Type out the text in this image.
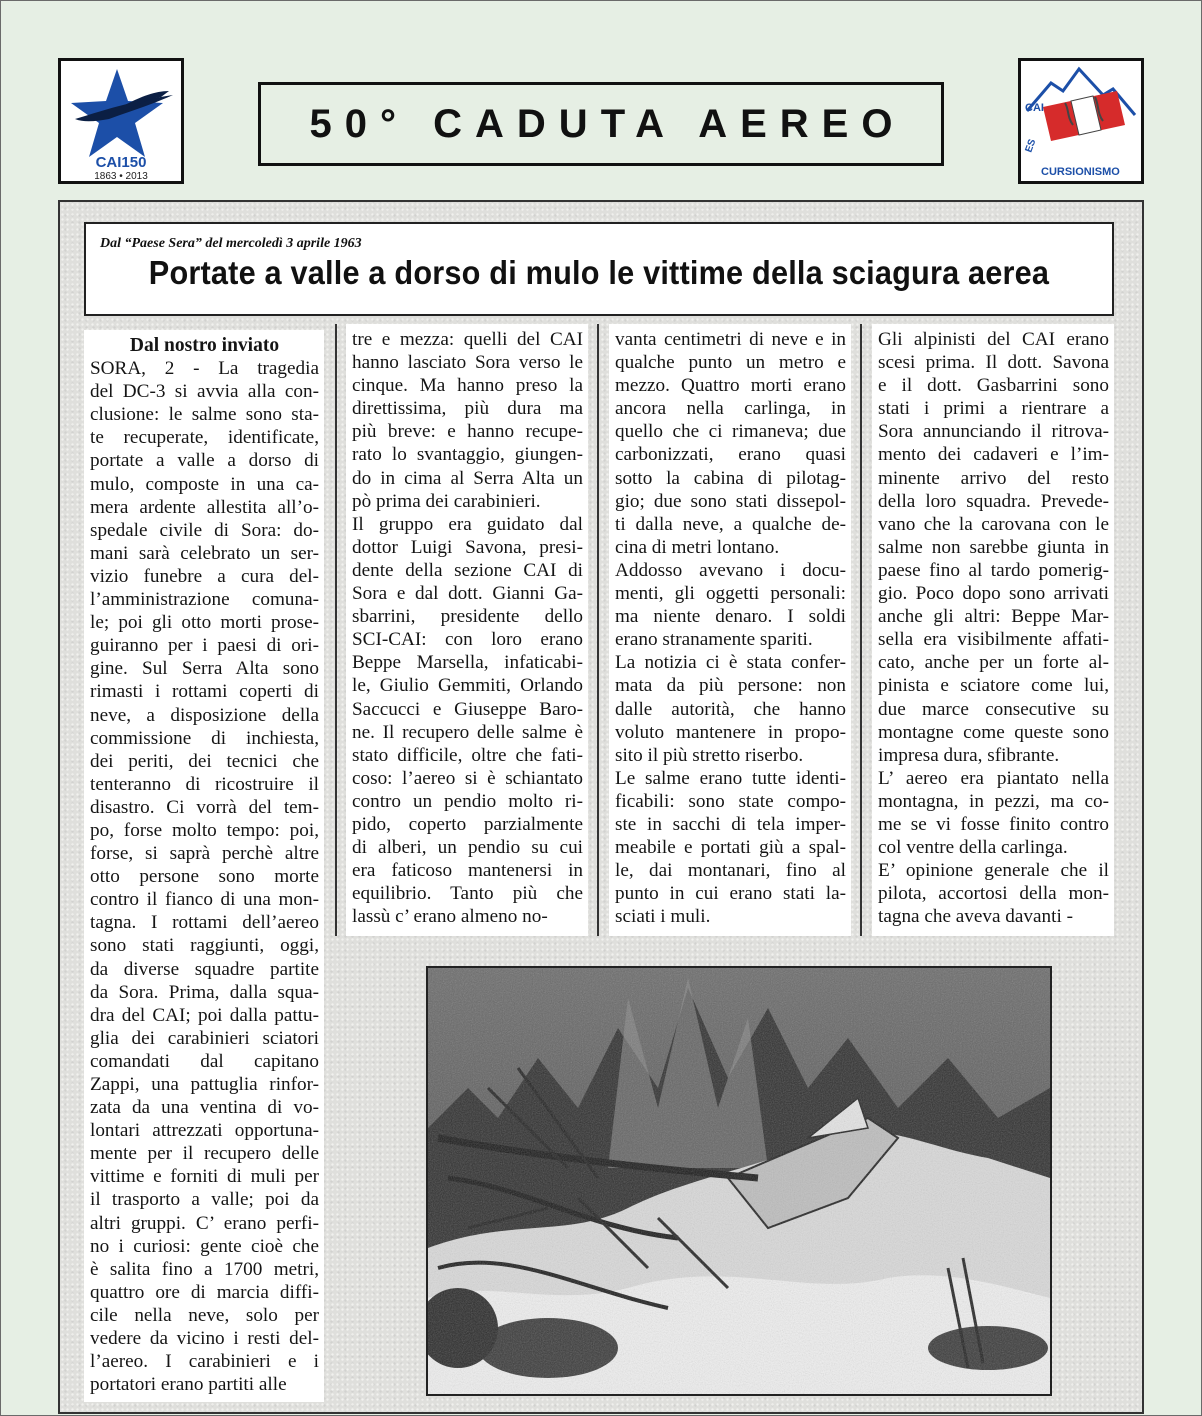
CAI150
1863 • 2013
50° CADUTA AEREO	CAI
ES
CURSIONISMO
Dal “Paese Sera” del mercoledì 3 aprile 1963
Portate a valle a dorso di mulo le vittime della sciagura aerea
Dal nostro inviato
SORA, 2 - La tragedia
del DC-3 si avvia alla con-
clusione: le salme sono sta-
te recuperate, identificate,
portate a valle a dorso di
mulo, composte in una ca-
mera ardente allestita all’o-
spedale civile di Sora: do-
mani sarà celebrato un ser-
vizio funebre a cura del-
l’amministrazione comuna-
le; poi gli otto morti prose-
guiranno per i paesi di ori-
gine. Sul Serra Alta sono
rimasti i rottami coperti di
neve, a disposizione della
commissione di inchiesta,
dei periti, dei tecnici che
tenteranno di ricostruire il
disastro. Ci vorrà del tem-
po, forse molto tempo: poi,
forse, si saprà perchè altre
otto persone sono morte
contro il fianco di una mon-
tagna. I rottami dell’aereo
sono stati raggiunti, oggi,
da diverse squadre partite
da Sora. Prima, dalla squa-
dra del CAI; poi dalla pattu-
glia dei carabinieri sciatori
comandati dal capitano
Zappi, una pattuglia rinfor-
zata da una ventina di vo-
lontari attrezzati opportuna-
mente per il recupero delle
vittime e forniti di muli per
il trasporto a valle; poi da
altri gruppi. C’ erano perfi-
no i curiosi: gente cioè che
è salita fino a 1700 metri,
quattro ore di marcia diffi-
cile nella neve, solo per
vedere da vicino i resti del-
l’aereo. I carabinieri e i
portatori erano partiti alle
tre e mezza: quelli del CAI
hanno lasciato Sora verso le
cinque. Ma hanno preso la
direttissima, più dura ma
più breve: e hanno recupe-
rato lo svantaggio, giungen-
do in cima al Serra Alta un
pò prima dei carabinieri.
Il gruppo era guidato dal
dottor Luigi Savona, presi-
dente della sezione CAI di
Sora e dal dott. Gianni Ga-
sbarrini, presidente dello
SCI-CAI: con loro erano
Beppe Marsella, infaticabi-
le, Giulio Gemmiti, Orlando
Saccucci e Giuseppe Baro-
ne. Il recupero delle salme è
stato difficile, oltre che fati-
coso: l’aereo si è schiantato
contro un pendio molto ri-
pido, coperto parzialmente
di alberi, un pendio su cui
era faticoso mantenersi in
equilibrio. Tanto più che
lassù c’ erano almeno no-
vanta centimetri di neve e in
qualche punto un metro e
mezzo. Quattro morti erano
ancora nella carlinga, in
quello che ci rimaneva; due
carbonizzati, erano quasi
sotto la cabina di pilotag-
gio; due sono stati dissepol-
ti dalla neve, a qualche de-
cina di metri lontano.
Addosso avevano i docu-
menti, gli oggetti personali:
ma niente denaro. I soldi
erano stranamente spariti.
La notizia ci è stata confer-
mata da più persone: non
dalle autorità, che hanno
voluto mantenere in propo-
sito il più stretto riserbo.
Le salme erano tutte identi-
ficabili: sono state compo-
ste in sacchi di tela imper-
meabile e portati giù a spal-
le, dai montanari, fino al
punto in cui erano stati la-
sciati i muli.
Gli alpinisti del CAI erano
scesi prima. Il dott. Savona
e il dott. Gasbarrini sono
stati i primi a rientrare a
Sora annunciando il ritrova-
mento dei cadaveri e l’im-
minente arrivo del resto
della loro squadra. Prevede-
vano che la carovana con le
salme non sarebbe giunta in
paese fino al tardo pomerig-
gio. Poco dopo sono arrivati
anche gli altri: Beppe Mar-
sella era visibilmente affati-
cato, anche per un forte al-
pinista e sciatore come lui,
due marce consecutive su
montagne come queste sono
impresa dura, sfibrante.
L’ aereo era piantato nella
montagna, in pezzi, ma co-
me se vi fosse finito contro
col ventre della carlinga.
E’ opinione generale che il
pilota, accortosi della mon-
tagna che aveva davanti -
